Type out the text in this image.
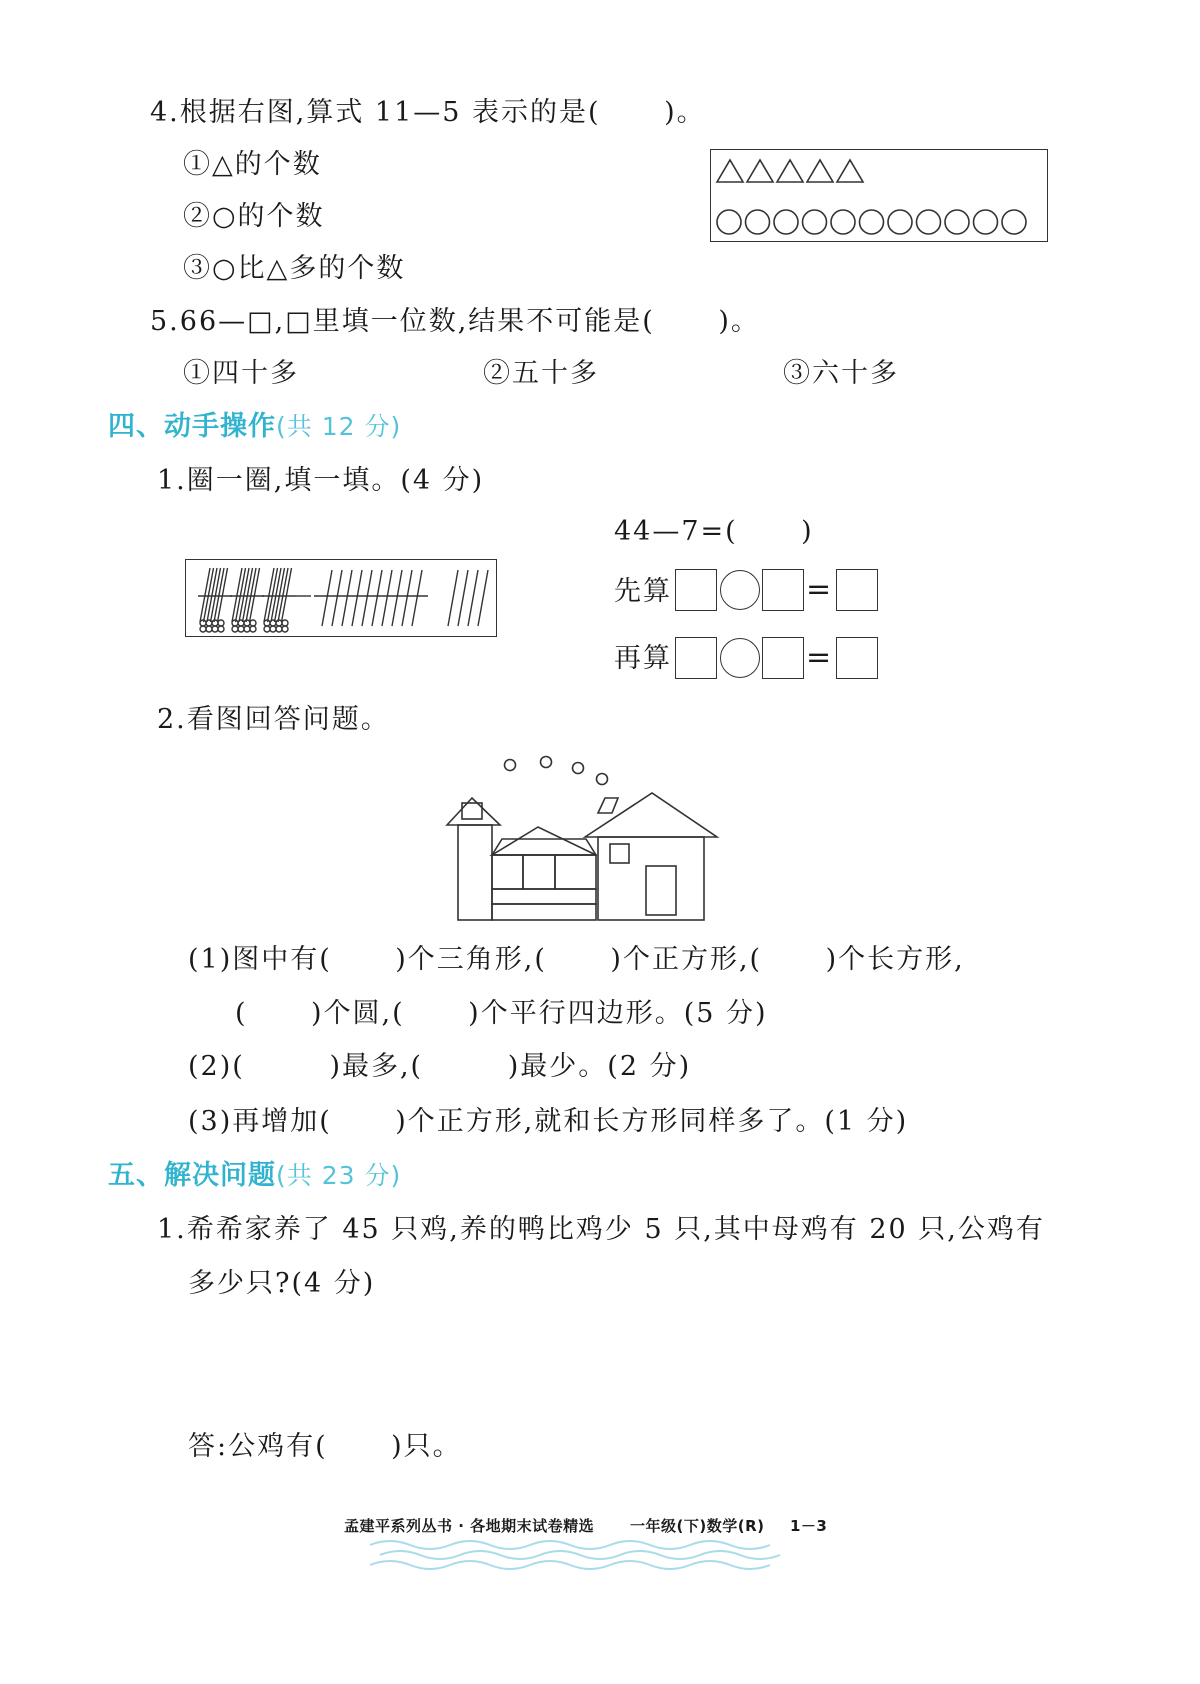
4.根据右图,算式 11—5 表示的是(      )。
①△的个数
②○的个数
③○比△多的个数
5.66—□,□里填一位数,结果不可能是(      )。
①四十多	②五十多	③六十多
四、动手操作(共 12 分)
1.圈一圈,填一填。(4 分)
44—7=(      )
先算	=
再算	=
2.看图回答问题。
(1)图中有(      )个三角形,(      )个正方形,(      )个长方形,
(      )个圆,(      )个平行四边形。(5 分)
(2)(        )最多,(        )最少。(2 分)
(3)再增加(      )个正方形,就和长方形同样多了。(1 分)
五、解决问题(共 23 分)
1.希希家养了 45 只鸡,养的鸭比鸡少 5 只,其中母鸡有 20 只,公鸡有
多少只?(4 分)
答:公鸡有(      )只。
孟建平系列丛书 · 各地期末试卷精选 一年级(下)数学(R) 1－3
